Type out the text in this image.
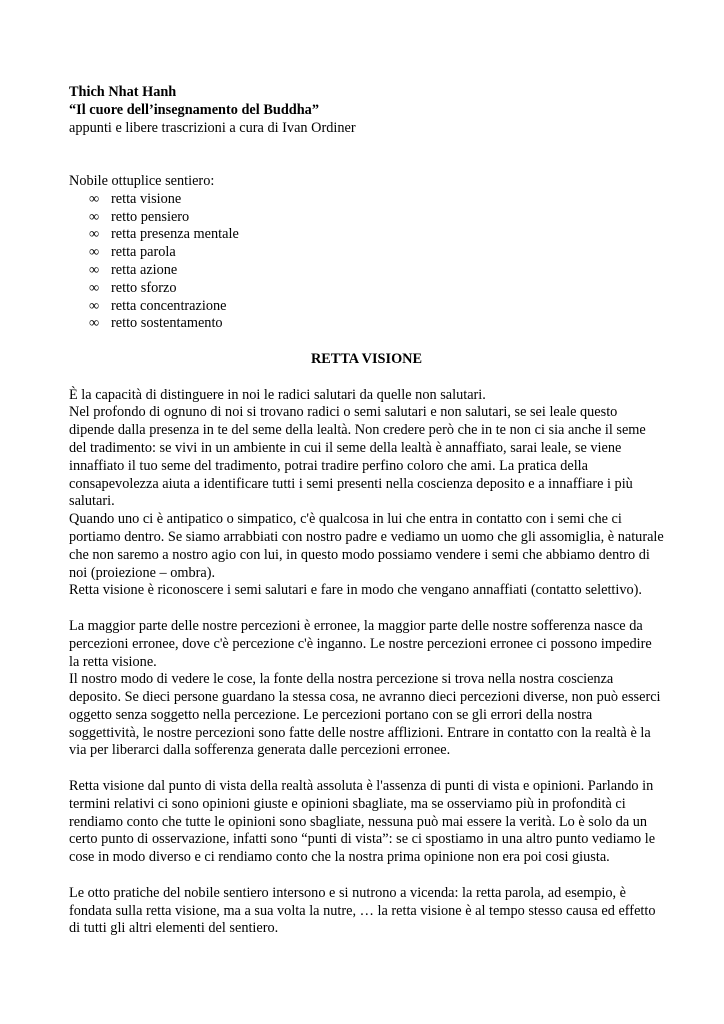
Thich Nhat Hanh

“Il cuore dell’insegnamento del Buddha”

appunti e libere trascrizioni a cura di Ivan Ordiner

Nobile ottuplice sentiero:

∞ retta visione
∞ retto pensiero
∞ retta presenza mentale
∞ retta parola
∞ retta azione
∞ retto sforzo
∞ retta concentrazione
∞ retto sostentamento

RETTA VISIONE

È la capacità di distinguere in noi le radici salutari da quelle non salutari.

Nel profondo di ognuno di noi si trovano radici o semi salutari e non salutari, se sei leale questo dipende dalla presenza in te del seme della lealtà. Non credere però che in te non ci sia anche il seme del tradimento: se vivi in un ambiente in cui il seme della lealtà è annaffiato, sarai leale, se viene innaffiato il tuo seme del tradimento, potrai tradire perfino coloro che ami. La pratica della consapevolezza aiuta a identificare tutti i semi presenti nella coscienza deposito e a innaffiare i più salutari.

Quando uno ci è antipatico o simpatico, c'è qualcosa in lui che entra in contatto con i semi che ci portiamo dentro. Se siamo arrabbiati con nostro padre e vediamo un uomo che gli assomiglia, è naturale che non saremo a nostro agio con lui, in questo modo possiamo vendere i semi che abbiamo dentro di noi (proiezione – ombra).

Retta visione è riconoscere i semi salutari e fare in modo che vengano annaffiati (contatto selettivo).

La maggior parte delle nostre percezioni è erronee, la maggior parte delle nostre sofferenza nasce da percezioni erronee, dove c'è percezione c'è inganno. Le nostre percezioni erronee ci possono impedire la retta visione.

Il nostro modo di vedere le cose, la fonte della nostra percezione si trova nella nostra coscienza deposito. Se dieci persone guardano la stessa cosa, ne avranno dieci percezioni diverse, non può esserci oggetto senza soggetto nella percezione. Le percezioni portano con se gli errori della nostra soggettività, le nostre percezioni sono fatte delle nostre afflizioni. Entrare in contatto con la realtà è la via per liberarci dalla sofferenza generata dalle percezioni erronee.

Retta visione dal punto di vista della realtà assoluta è l'assenza di punti di vista e opinioni. Parlando in termini relativi ci sono opinioni giuste e opinioni sbagliate, ma se osserviamo più in profondità ci rendiamo conto che tutte le opinioni sono sbagliate, nessuna può mai essere la verità. Lo è solo da un certo punto di osservazione, infatti sono “punti di vista”: se ci spostiamo in una altro punto vediamo le cose in modo diverso e ci rendiamo conto che la nostra prima opinione non era poi cosi giusta.

Le otto pratiche del nobile sentiero intersono e si nutrono a vicenda: la retta parola, ad esempio, è fondata sulla retta visione, ma a sua volta la nutre, … la retta visione è al tempo stesso causa ed effetto di tutti gli altri elementi del sentiero.
